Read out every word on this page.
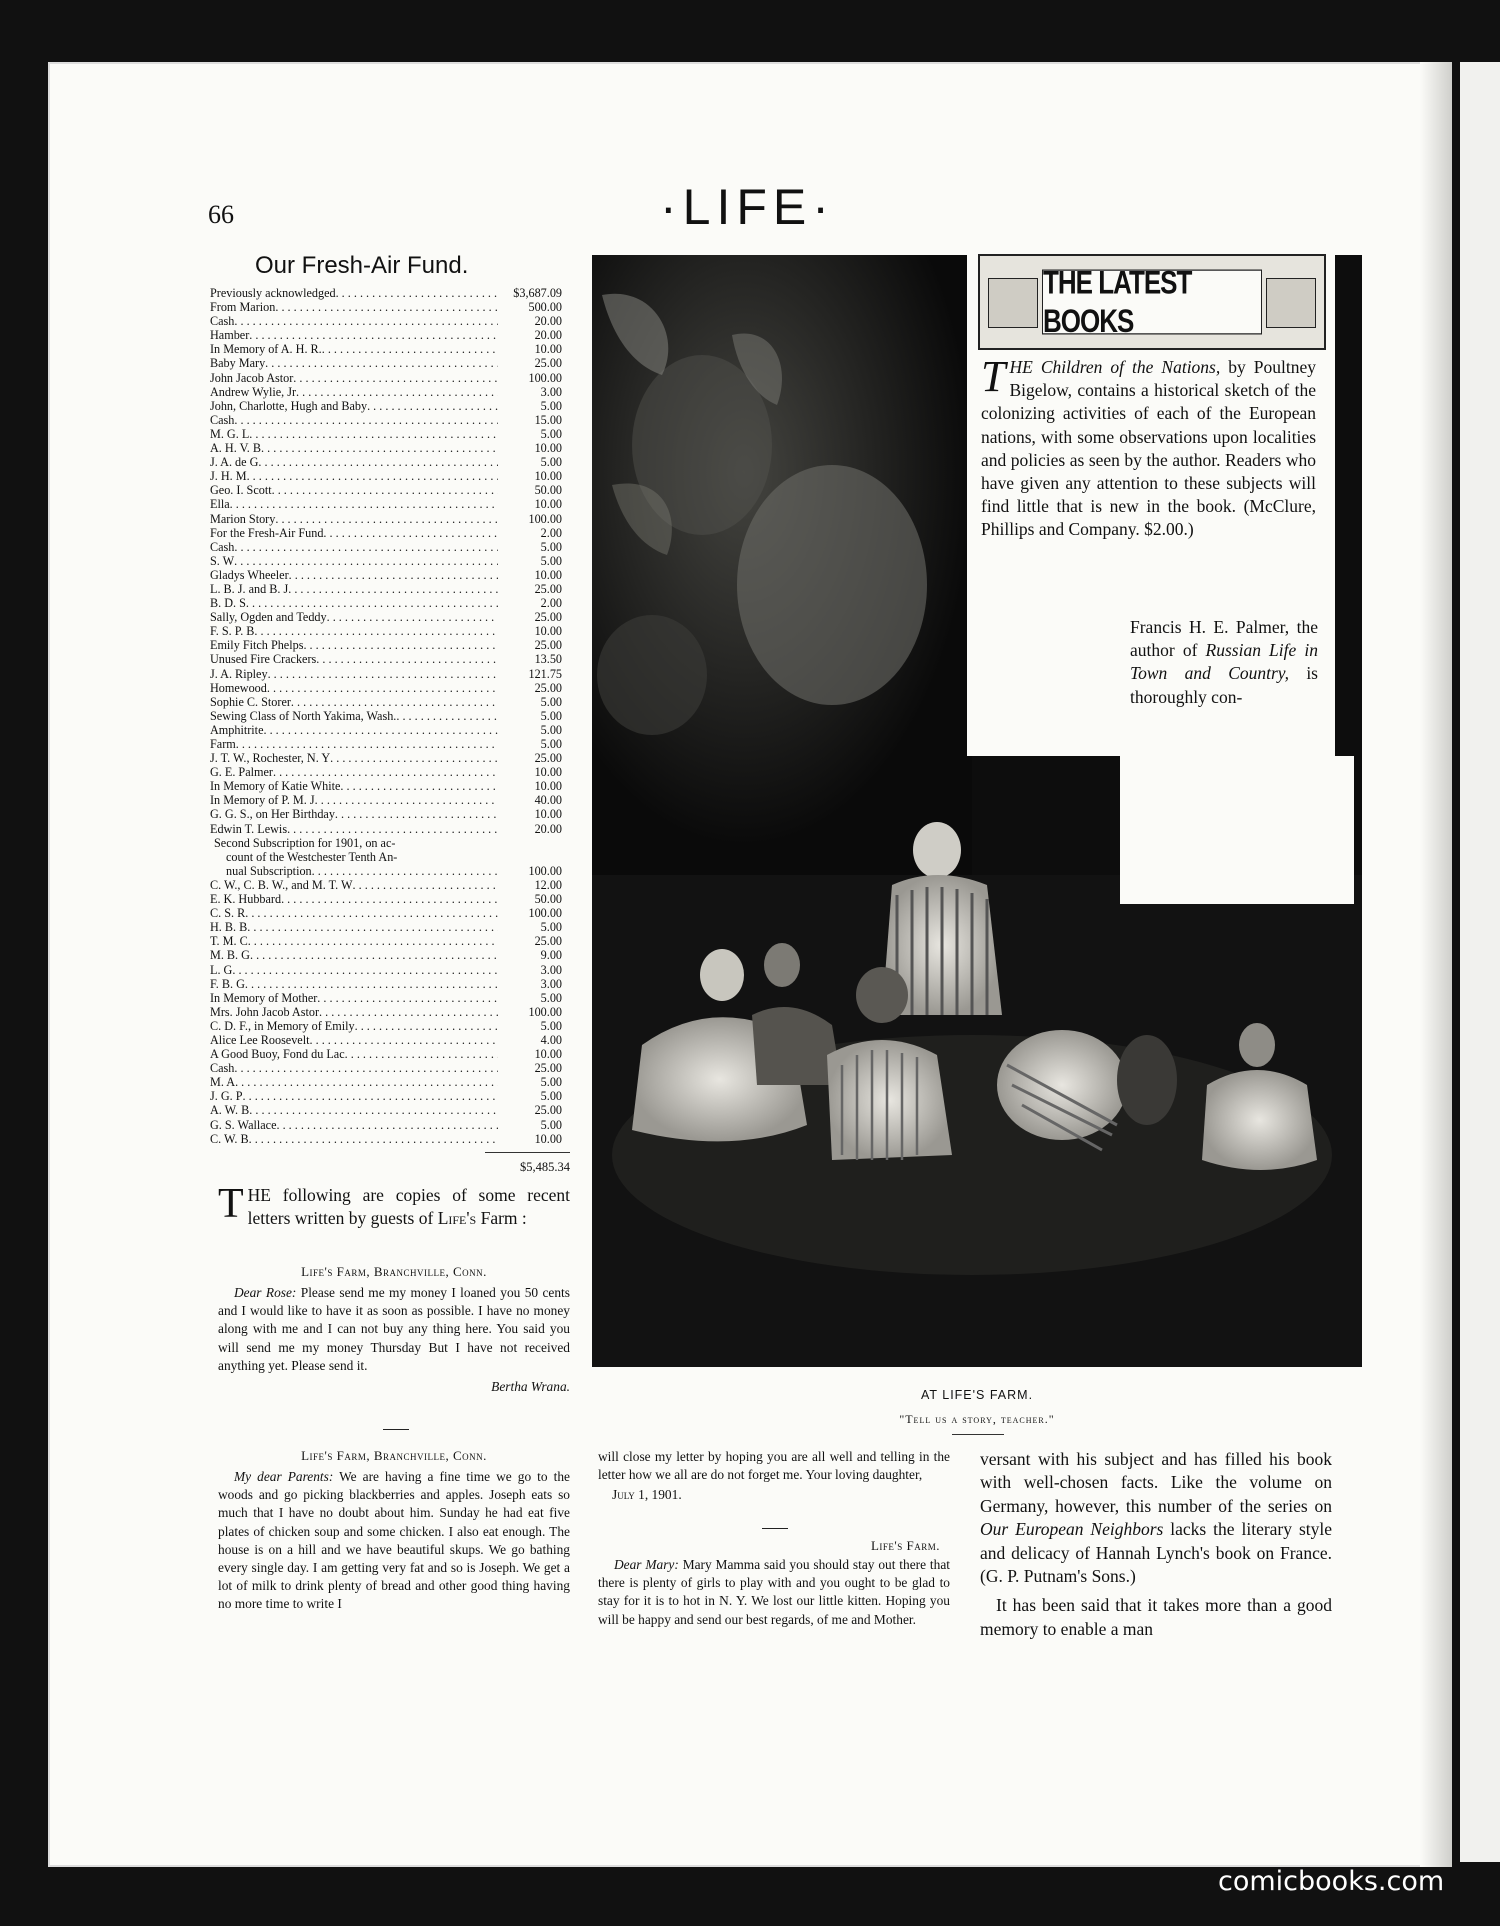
66	·LIFE·
Our Fresh-Air Fund.
Previously acknowledged . . .	$3,687.09
From Marion . . .	500.00
Cash . . .	20.00
Hamber . . .	20.00
In Memory of A. H. R. . . .	10.00
Baby Mary . . .	25.00
John Jacob Astor . . .	100.00
Andrew Wylie, Jr . . .	3.00
John, Charlotte, Hugh and Baby . . .	5.00
Cash . . .	15.00
M. G. L . . .	5.00
A. H. V. B . . .	10.00
J. A. de G . . .	5.00
J. H. M . . .	10.00
Geo. I. Scott . . .	50.00
Ella . . .	10.00
Marion Story . . .	100.00
For the Fresh-Air Fund . . .	2.00
Cash . . .	5.00
S. W . . .	5.00
Gladys Wheeler . . .	10.00
L. B. J. and B. J . . .	25.00
B. D. S . . .	2.00
Sally, Ogden and Teddy . . .	25.00
F. S. P. B . . .	10.00
Emily Fitch Phelps . . .	25.00
Unused Fire Crackers . . .	13.50
J. A. Ripley . . .	121.75
Homewood . . .	25.00
Sophie C. Storer . . .	5.00
Sewing Class of North Yakima, Wash. . . .	5.00
Amphitrite . . .	5.00
Farm . . .	5.00
J. T. W., Rochester, N. Y . . .	25.00
G. E. Palmer . . .	10.00
In Memory of Katie White . . .	10.00
In Memory of P. M. J . . .	40.00
G. G. S., on Her Birthday . . .	10.00
Edwin T. Lewis . . .	20.00
Second Subscription for 1901, on ac-
count of the Westchester Tenth An-
nual Subscription . . .	100.00
C. W., C. B. W., and M. T. W . . .	12.00
E. K. Hubbard . . .	50.00
C. S. R . . .	100.00
H. B. B . . .	5.00
T. M. C . . .	25.00
M. B. G . . .	9.00
L. G . . .	3.00
F. B. G . . .	3.00
In Memory of Mother . . .	5.00
Mrs. John Jacob Astor . . .	100.00
C. D. F., in Memory of Emily . . .	5.00
Alice Lee Roosevelt . . .	4.00
A Good Buoy, Fond du Lac . . .	10.00
Cash . . .	25.00
M. A . . .	5.00
J. G. P . . .	5.00
A. W. B . . .	25.00
G. S. Wallace . . .	5.00
C. W. B . . .	10.00
$5,485.34
THE following are copies of some recent letters written by guests of Life's Farm :

Life's Farm, Branchville, Conn.

Dear Rose: Please send me my money I loaned you 50 cents and I would like to have it as soon as possible. I have no money along with me and I can not buy any thing here. You said you will send me my money Thursday But I have not received anything yet. Please send it.
Bertha Wrana.

Life's Farm, Branchville, Conn.

My dear Parents: We are having a fine time we go to the woods and go picking blackberries and apples. Joseph eats so much that I have no doubt about him. Sunday he had eat five plates of chicken soup and some chicken. I also eat enough. The house is on a hill and we have beautiful skups. We go bathing every single day. I am getting very fat and so is Joseph. We get a lot of milk to drink plenty of bread and other good thing having no more time to write I
THE LATEST BOOKS
THE Children of the Nations, by Poultney Bigelow, contains a historical sketch of the colonizing activities of each of the European nations, with some observations upon localities and policies as seen by the author. Readers who have given any attention to these subjects will find little that is new in the book. (McClure, Phillips and Company. $2.00.)
Francis H. E. Palmer, the author of Russian Life in Town and Country, is thoroughly con-
AT LIFE'S FARM.
"Tell us a story, teacher."
will close my letter by hoping you are all well and telling in the letter how we all are do not forget me. Your loving daughter,
July 1, 1901.

Life's Farm.

Dear Mary: Mary Mamma said you should stay out there that there is plenty of girls to play with and you ought to be glad to stay for it is to hot in N. Y. We lost our little kitten. Hoping you will be happy and send our best regards, of me and Mother.

versant with his subject and has filled his book with well-chosen facts. Like the volume on Germany, however, this number of the series on Our European Neighbors lacks the literary style and delicacy of Hannah Lynch's book on France. (G. P. Putnam's Sons.)

It has been said that it takes more than a good memory to enable a man

comicbooks.com
